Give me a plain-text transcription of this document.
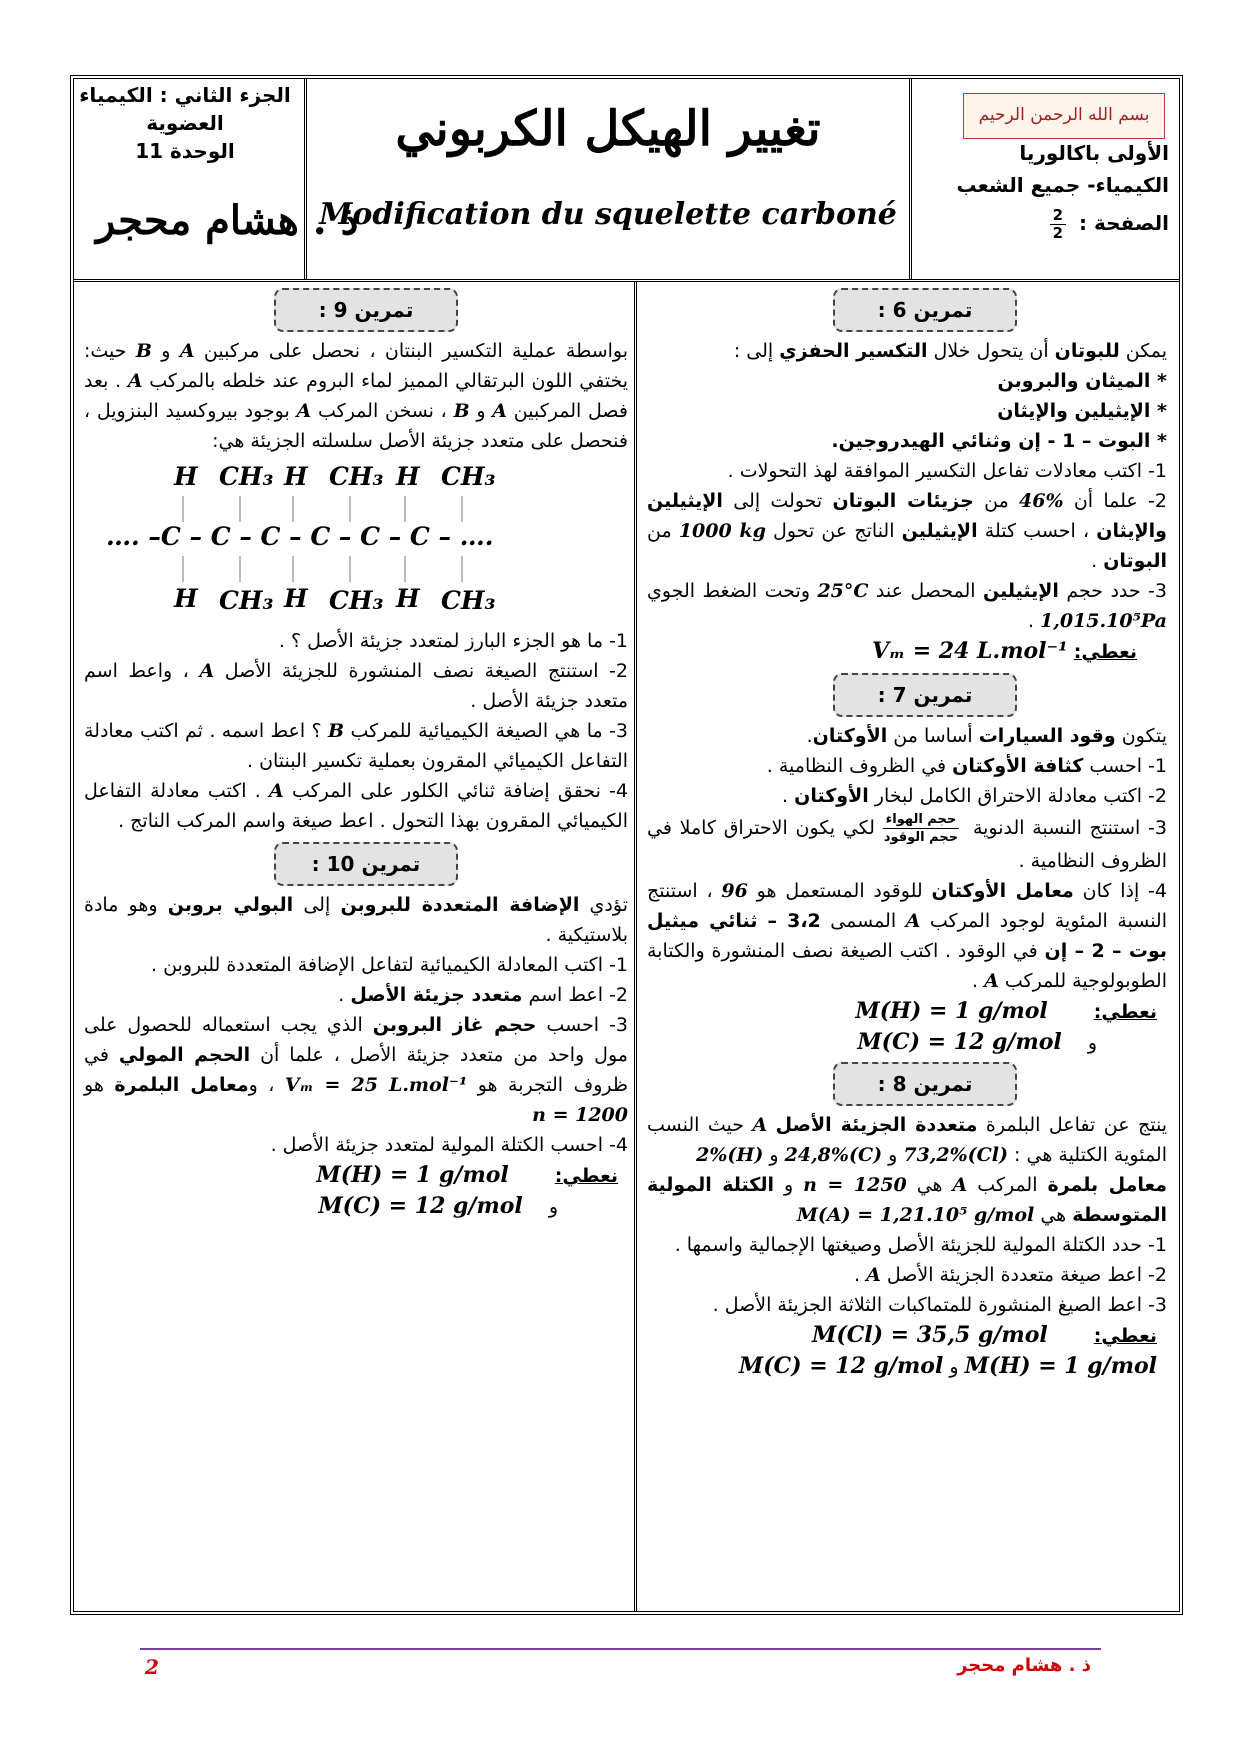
بسم الله الرحمن الرحيم
الأولى باكالوريا
الكيمياء- جميع الشعب
الصفحة :
$\frac{2}{2}$
تغيير الهيكل الكربوني
Modification du squelette carboné
الجزء الثاني : الكيمياء
العضوية
الوحدة 11
ذ . هشام محجر
تمرين 6 :

يمكن للبوتان أن يتحول خلال التكسير الحفزي إلى :

* الميثان والبروبن

* الإيثيلين والإيثان

* البوت – 1 - إن وثنائي الهيدروجين.

1- اكتب معادلات تفاعل التكسير الموافقة لهذ التحولات .

2- علما أن 46% من جزيئات البوتان تحولت إلى الإيثيلين والإيثان ، احسب كتلة الإيثيلين الناتج عن تحول 1000 kg من البوتان .

3- حدد حجم الإيثيلين المحصل عند 25°C وتحت الضغط الجوي 1,015.10⁵Pa .

نعطي: Vₘ = 24 L.mol⁻¹

تمرين 7 :

يتكون وقود السيارات أساسا من الأوكتان.

1- احسب كثافة الأوكتان في الظروف النظامية .

2- اكتب معادلة الاحتراق الكامل لبخار الأوكتان .

3- استنتج النسبة الدنوية
$\frac{\text{حجم الهواء}}{\text{حجم الوقود}}$
لكي يكون الاحتراق كاملا في الظروف النظامية .

4- إذا كان معامل الأوكتان للوقود المستعمل هو 96 ، استنتج النسبة المئوية لوجود المركب A المسمى 3،2 – ثنائي ميثيل بوت – 2 – إن في الوقود . اكتب الصيغة نصف المنشورة والكتابة الطوبولوجية للمركب A .

نعطي: M(H) = 1 g/mol

و M(C) = 12 g/mol

تمرين 8 :

ينتج عن تفاعل البلمرة متعددة الجزيئة الأصل A حيث النسب المئوية الكتلية هي : 73,2%(Cl) و 24,8%(C) و 2%(H)

معامل بلمرة المركب A هي n = 1250 و الكتلة المولية المتوسطة هي M(A) = 1,21.10⁵ g/mol

1- حدد الكتلة المولية للجزيئة الأصل وصيغتها الإجمالية واسمها .

2- اعط صيغة متعددة الجزيئة الأصل A .

3- اعط الصيغ المنشورة للمتماكبات الثلاثة الجزيئة الأصل .

نعطي: M(Cl) = 35,5 g/mol

M(H) = 1 g/mol و M(C) = 12 g/mol

تمرين 9 :

بواسطة عملية التكسير البنتان ، نحصل على مركبين A و B حيث: يختفي اللون البرتقالي المميز لماء البروم عند خلطه بالمركب A . بعد فصل المركبين A و B ، نسخن المركب A بوجود بيروكسيد البنزويل ، فنحصل على متعدد جزيئة الأصل سلسلته الجزيئة هي:

H CH₃ H CH₃ H CH₃
…. –C – C – C – C – C – C – ….
H CH₃ H CH₃ H CH₃

1- ما هو الجزء البارز لمتعدد جزيئة الأصل ؟ .

2- استنتج الصيغة نصف المنشورة للجزيئة الأصل A ، واعط اسم متعدد جزيئة الأصل .

3- ما هي الصيغة الكيميائية للمركب B ؟ اعط اسمه . ثم اكتب معادلة التفاعل الكيميائي المقرون بعملية تكسير البنتان .

4- نحقق إضافة ثنائي الكلور على المركب A . اكتب معادلة التفاعل الكيميائي المقرون بهذا التحول . اعط صيغة واسم المركب الناتج .

تمرين 10 :

تؤدي الإضافة المتعددة للبروبن إلى البولي بروبن وهو مادة بلاستيكية .

1- اكتب المعادلة الكيميائية لتفاعل الإضافة المتعددة للبروبن .

2- اعط اسم متعدد جزيئة الأصل .

3- احسب حجم غاز البروبن الذي يجب استعماله للحصول على مول واحد من متعدد جزيئة الأصل ، علما أن الحجم المولي في ظروف التجربة هو Vₘ = 25 L.mol⁻¹ ، ومعامل البلمرة هو n = 1200

4- احسب الكتلة المولية لمتعدد جزيئة الأصل .

نعطي: M(H) = 1 g/mol

و M(C) = 12 g/mol

2	ذ . هشام محجر
